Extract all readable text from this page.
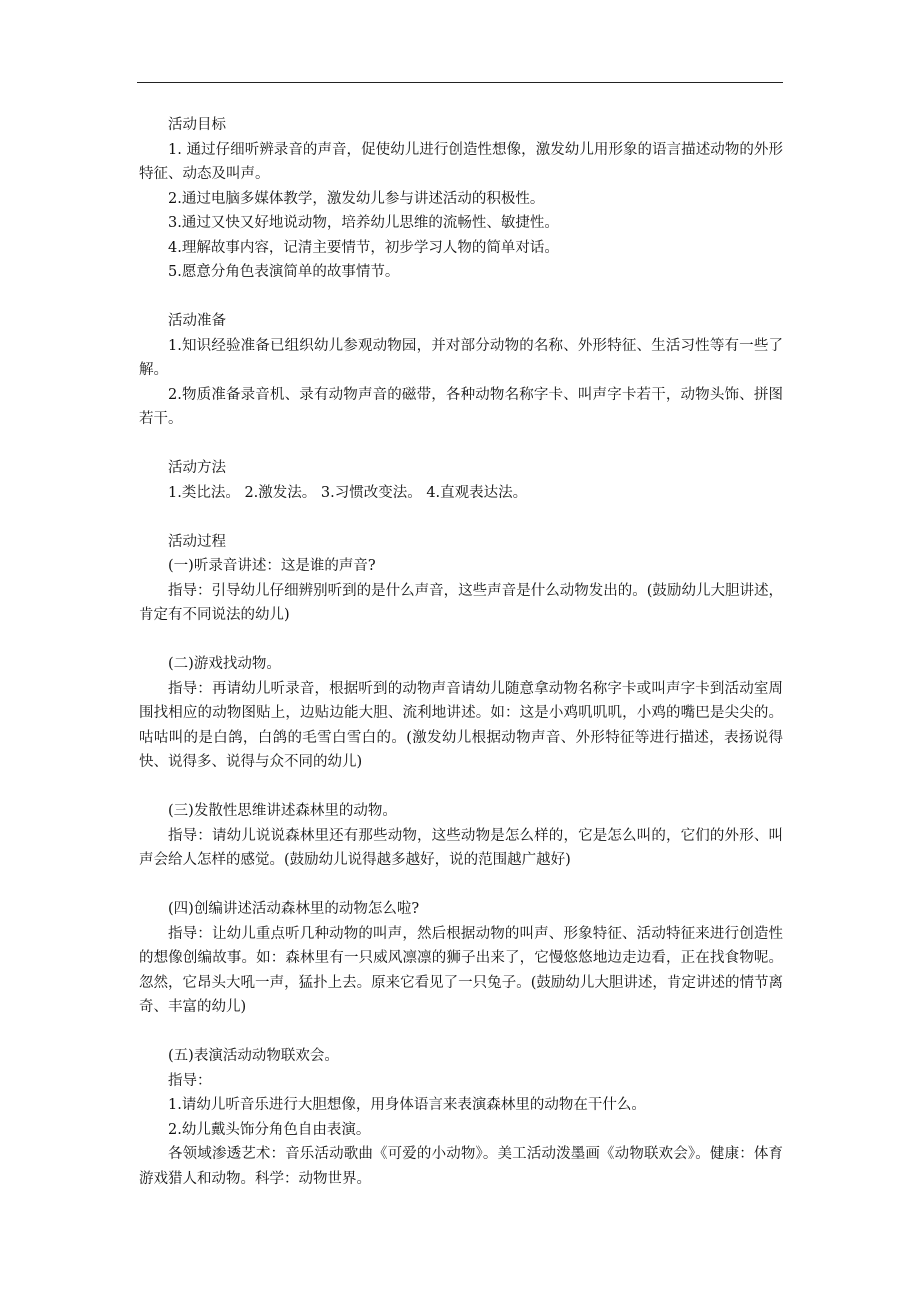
活动目标

1. 通过仔细听辨录音的声音，促使幼儿进行创造性想像，激发幼儿用形象的语言描述动物的外形特征、动态及叫声。

2.通过电脑多媒体教学，激发幼儿参与讲述活动的积极性。

3.通过又快又好地说动物，培养幼儿思维的流畅性、敏捷性。

4.理解故事内容，记清主要情节，初步学习人物的简单对话。

5.愿意分角色表演简单的故事情节。

活动准备

1.知识经验准备已组织幼儿参观动物园，并对部分动物的名称、外形特征、生活习性等有一些了解。

2.物质准备录音机、录有动物声音的磁带，各种动物名称字卡、叫声字卡若干，动物头饰、拼图若干。

活动方法

1.类比法。 2.激发法。 3.习惯改变法。 4.直观表达法。

活动过程

(一)听录音讲述：这是谁的声音?

指导：引导幼儿仔细辨别听到的是什么声音，这些声音是什么动物发出的。(鼓励幼儿大胆讲述，肯定有不同说法的幼儿)

(二)游戏找动物。

指导：再请幼儿听录音，根据听到的动物声音请幼儿随意拿动物名称字卡或叫声字卡到活动室周围找相应的动物图贴上，边贴边能大胆、流利地讲述。如：这是小鸡叽叽叽，小鸡的嘴巴是尖尖的。咕咕叫的是白鸽，白鸽的毛雪白雪白的。(激发幼儿根据动物声音、外形特征等进行描述，表扬说得快、说得多、说得与众不同的幼儿)

(三)发散性思维讲述森林里的动物。

指导：请幼儿说说森林里还有那些动物，这些动物是怎么样的，它是怎么叫的，它们的外形、叫声会给人怎样的感觉。(鼓励幼儿说得越多越好，说的范围越广越好)

(四)创编讲述活动森林里的动物怎么啦?

指导：让幼儿重点听几种动物的叫声，然后根据动物的叫声、形象特征、活动特征来进行创造性的想像创编故事。如：森林里有一只威风凛凛的狮子出来了，它慢悠悠地边走边看，正在找食物呢。忽然，它昂头大吼一声，猛扑上去。原来它看见了一只兔子。(鼓励幼儿大胆讲述，肯定讲述的情节离奇、丰富的幼儿)

(五)表演活动动物联欢会。

指导：

1.请幼儿听音乐进行大胆想像，用身体语言来表演森林里的动物在干什么。

2.幼儿戴头饰分角色自由表演。

各领域渗透艺术：音乐活动歌曲《可爱的小动物》。美工活动泼墨画《动物联欢会》。健康：体育游戏猎人和动物。科学：动物世界。
